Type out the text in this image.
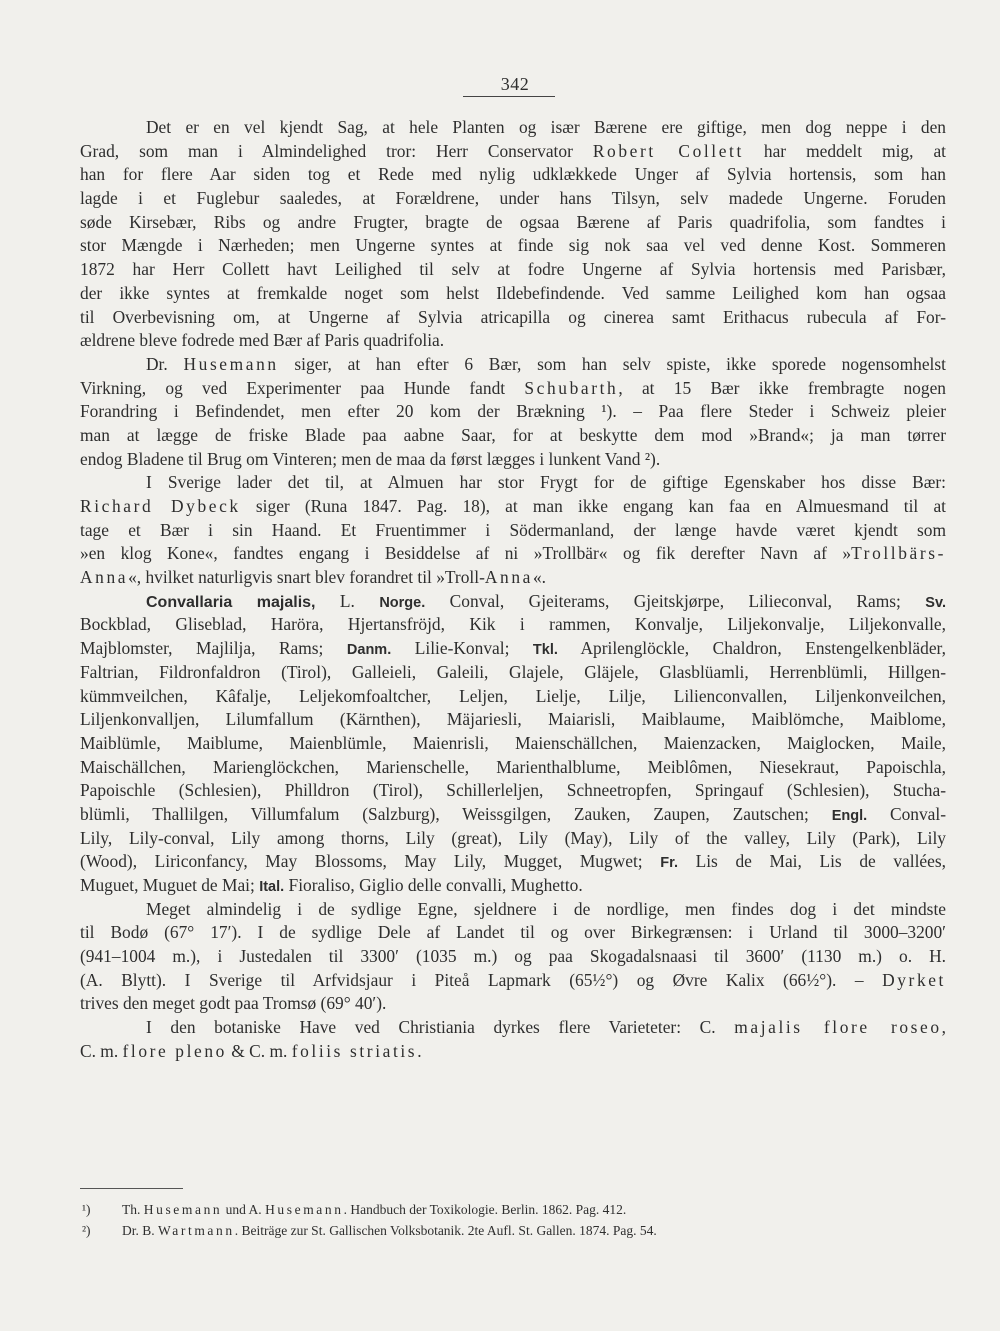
342
Det er en vel kjendt Sag, at hele Planten og især Bærene ere giftige, men dog neppe i den
Grad, som man i Almindelighed tror: Herr Conservator Robert Collett har meddelt mig, at
han for flere Aar siden tog et Rede med nylig udklækkede Unger af Sylvia hortensis, som han
lagde i et Fuglebur saaledes, at Forældrene, under hans Tilsyn, selv madede Ungerne. Foruden
søde Kirsebær, Ribs og andre Frugter, bragte de ogsaa Bærene af Paris quadrifolia, som fandtes i
stor Mængde i Nærheden; men Ungerne syntes at finde sig nok saa vel ved denne Kost. Sommeren
1872 har Herr Collett havt Leilighed til selv at fodre Ungerne af Sylvia hortensis med Parisbær,
der ikke syntes at fremkalde noget som helst Ildebefindende. Ved samme Leilighed kom han ogsaa
til Overbevisning om, at Ungerne af Sylvia atricapilla og cinerea samt Erithacus rubecula af For-
ældrene bleve fodrede med Bær af Paris quadrifolia.
Dr. Husemann siger, at han efter 6 Bær, som han selv spiste, ikke sporede nogensomhelst
Virkning, og ved Experimenter paa Hunde fandt Schubarth, at 15 Bær ikke frembragte nogen
Forandring i Befindendet, men efter 20 kom der Brækning ¹). – Paa flere Steder i Schweiz pleier
man at lægge de friske Blade paa aabne Saar, for at beskytte dem mod »Brand«; ja man tørrer
endog Bladene til Brug om Vinteren; men de maa da først lægges i lunkent Vand ²).
I Sverige lader det til, at Almuen har stor Frygt for de giftige Egenskaber hos disse Bær:
Richard Dybeck siger (Runa 1847. Pag. 18), at man ikke engang kan faa en Almuesmand til at
tage et Bær i sin Haand. Et Fruentimmer i Södermanland, der længe havde været kjendt som
»en klog Kone«, fandtes engang i Besiddelse af ni »Trollbär« og fik derefter Navn af »Trollbärs-
Anna«, hvilket naturligvis snart blev forandret til »Troll-Anna«.
Convallaria majalis, L. Norge. Conval, Gjeiterams, Gjeitskjørpe, Lilieconval, Rams; Sv.
Bockblad, Gliseblad, Haröra, Hjertansfröjd, Kik i rammen, Konvalje, Liljekonvalje, Liljekonvalle,
Majblomster, Majlilja, Rams; Danm. Lilie-Konval; Tkl. Aprilenglöckle, Chaldron, Enstengelkenbläder,
Faltrian, Fildronfaldron (Tirol), Galleieli, Galeili, Glajele, Gläjele, Glasblüamli, Herrenblümli, Hillgen-
kümmveilchen, Kâfalje, Leljekomfoaltcher, Leljen, Lielje, Lilje, Lilienconvallen, Liljenkonveilchen,
Liljenkonvalljen, Lilumfallum (Kärnthen), Mäjariesli, Maiarisli, Maiblaume, Maiblömche, Maiblome,
Maiblümle, Maiblume, Maienblümle, Maienrisli, Maienschällchen, Maienzacken, Maiglocken, Maile,
Maischällchen, Marienglöckchen, Marienschelle, Marienthalblume, Meiblômen, Niesekraut, Papoischla,
Papoischle (Schlesien), Philldron (Tirol), Schillerleljen, Schneetropfen, Springauf (Schlesien), Stucha-
blümli, Thallilgen, Villumfalum (Salzburg), Weissgilgen, Zauken, Zaupen, Zautschen; Engl. Conval-
Lily, Lily-conval, Lily among thorns, Lily (great), Lily (May), Lily of the valley, Lily (Park), Lily
(Wood), Liriconfancy, May Blossoms, May Lily, Mugget, Mugwet; Fr. Lis de Mai, Lis de vallées,
Muguet, Muguet de Mai; Ital. Fioraliso, Giglio delle convalli, Mughetto.
Meget almindelig i de sydlige Egne, sjeldnere i de nordlige, men findes dog i det mindste
til Bodø (67° 17′). I de sydlige Dele af Landet til og over Birkegrænsen: i Urland til 3000–3200′
(941–1004 m.), i Justedalen til 3300′ (1035 m.) og paa Skogadalsnaasi til 3600′ (1130 m.) o. H.
(A. Blytt). I Sverige til Arfvidsjaur i Piteå Lapmark (65½°) og Øvre Kalix (66½°). – Dyrket
trives den meget godt paa Tromsø (69° 40′).
I den botaniske Have ved Christiania dyrkes flere Varieteter: C. majalis flore roseo,
C. m. flore pleno & C. m. foliis striatis.
¹) Th. Husemann und A. Husemann. Handbuch der Toxikologie. Berlin. 1862. Pag. 412.
²) Dr. B. Wartmann. Beiträge zur St. Gallischen Volksbotanik. 2te Aufl. St. Gallen. 1874. Pag. 54.
